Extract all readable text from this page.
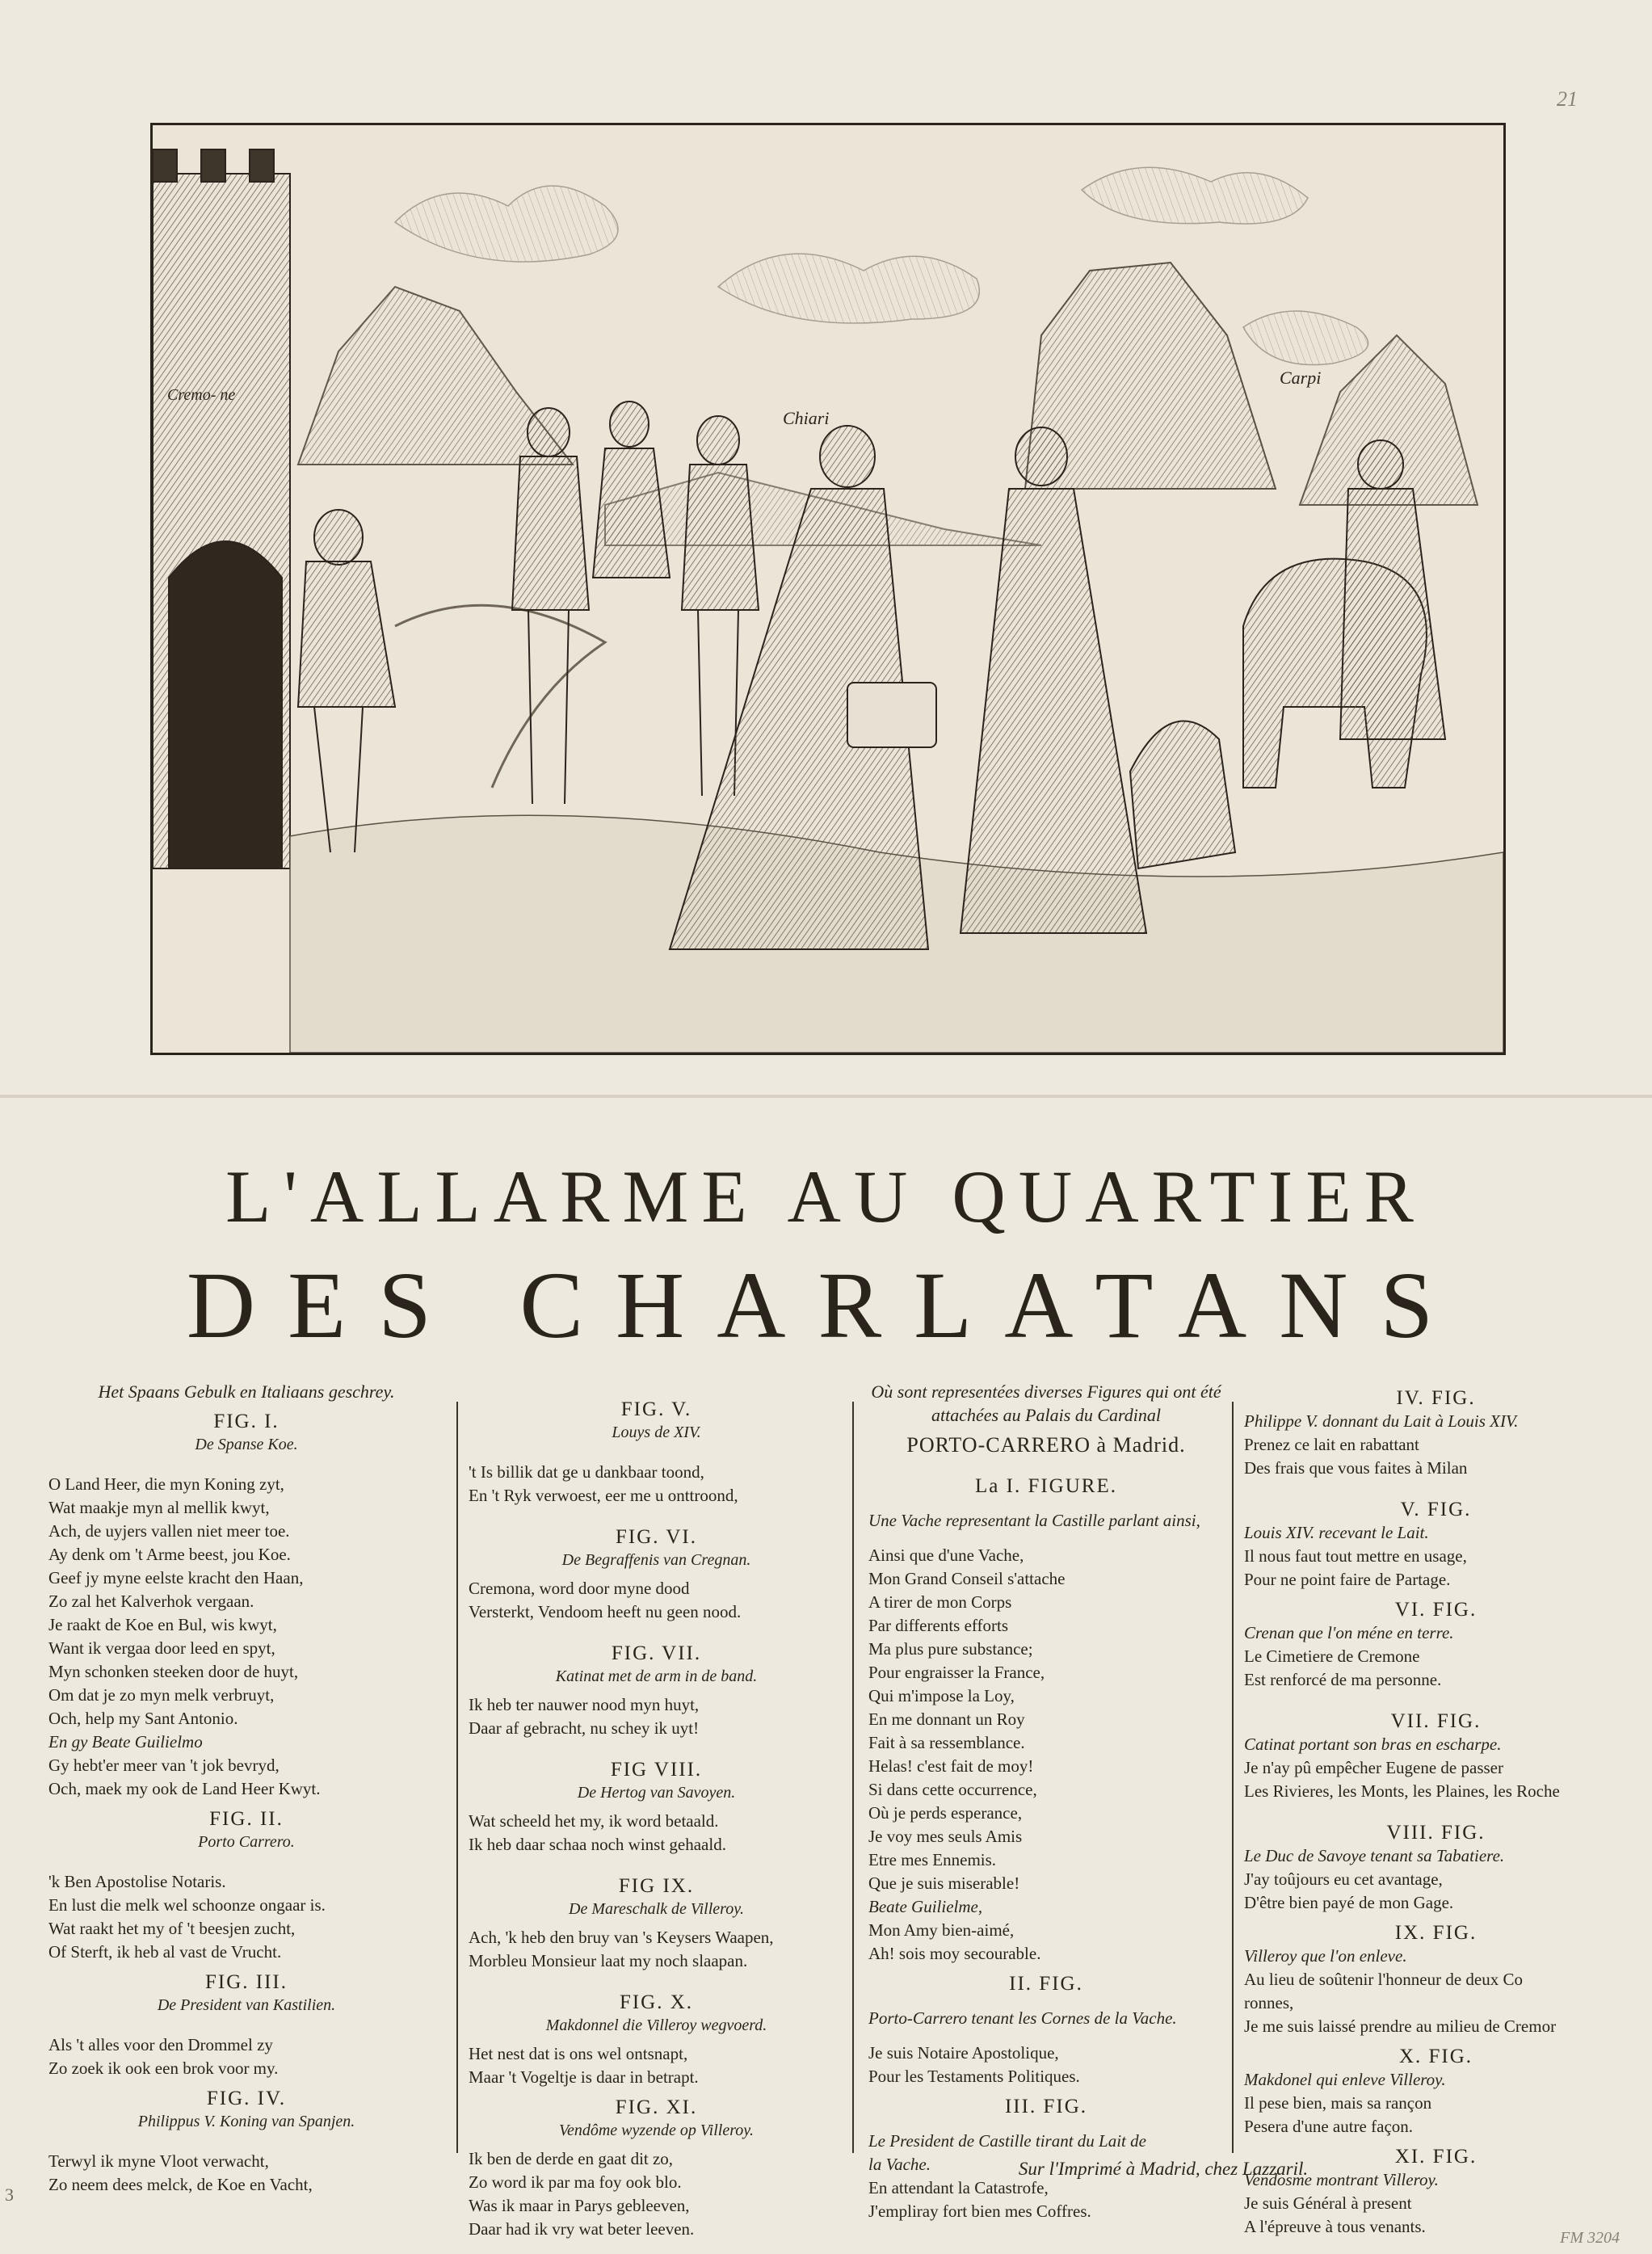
21
Cremo- ne
Chiari
Carpi
L'ALLARME AU QUARTIER
DES CHARLATANS
Het Spaans Gebulk en Italiaans geschrey.
FIG. I.
De Spanse Koe.
O Land Heer, die myn Koning zyt,
Wat maakje myn al mellik kwyt,
Ach, de uyjers vallen niet meer toe.
Ay denk om 't Arme beest, jou Koe.
Geef jy myne eelste kracht den Haan,
Zo zal het Kalverhok vergaan.
Je raakt de Koe en Bul, wis kwyt,
Want ik vergaa door leed en spyt,
Myn schonken steeken door de huyt,
Om dat je zo myn melk verbruyt,
Och, help my Sant Antonio.
En gy Beate Guilielmo
Gy hebt'er meer van 't jok bevryd,
Och, maek my ook de Land Heer Kwyt.
FIG. II.
Porto Carrero.
'k Ben Apostolise Notaris.
En lust die melk wel schoonze ongaar is.
Wat raakt het my of 't beesjen zucht,
Of Sterft, ik heb al vast de Vrucht.
FIG. III.
De President van Kastilien.
Als 't alles voor den Drommel zy
Zo zoek ik ook een brok voor my.
FIG. IV.
Philippus V. Koning van Spanjen.
Terwyl ik myne Vloot verwacht,
Zo neem dees melck, de Koe en Vacht,
FIG. V.
Louys de XIV.
't Is billik dat ge u dankbaar toond,
En 't Ryk verwoest, eer me u onttroond,
FIG. VI.
De Begraffenis van Cregnan.
Cremona, word door myne dood
Versterkt, Vendoom heeft nu geen nood.
FIG. VII.
Katinat met de arm in de band.
Ik heb ter nauwer nood myn huyt,
Daar af gebracht, nu schey ik uyt!
FIG VIII.
De Hertog van Savoyen.
Wat scheeld het my, ik word betaald.
Ik heb daar schaa noch winst gehaald.
FIG IX.
De Mareschalk de Villeroy.
Ach, 'k heb den bruy van 's Keysers Waapen,
Morbleu Monsieur laat my noch slaapan.
FIG. X.
Makdonnel die Villeroy wegvoerd.
Het nest dat is ons wel ontsnapt,
Maar 't Vogeltje is daar in betrapt.
FIG. XI.
Vendôme wyzende op Villeroy.
Ik ben de derde en gaat dit zo,
Zo word ik par ma foy ook blo.
Was ik maar in Parys gebleeven,
Daar had ik vry wat beter leeven.
Où sont representées diverses Figures qui ont été attachées au Palais du Cardinal
PORTO-CARRERO à Madrid.
La I. FIGURE.
Une Vache representant la Castille parlant ainsi,
Ainsi que d'une Vache,
Mon Grand Conseil s'attache
A tirer de mon Corps
Par differents efforts
Ma plus pure substance;
Pour engraisser la France,
Qui m'impose la Loy,
En me donnant un Roy
Fait à sa ressemblance.
Helas! c'est fait de moy!
Si dans cette occurrence,
Où je perds esperance,
Je voy mes seuls Amis
Etre mes Ennemis.
Que je suis miserable!
Beate Guilielme,
Mon Amy bien-aimé,
Ah! sois moy secourable.
II. FIG.
Porto-Carrero tenant les Cornes de la Vache.
Je suis Notaire Apostolique,
Pour les Testaments Politiques.
III. FIG.
Le President de Castille tirant du Lait de
la Vache.
En attendant la Catastrofe,
J'empliray fort bien mes Coffres.
IV. FIG.
Philippe V. donnant du Lait à Louis XIV.
Prenez ce lait en rabattant
Des frais que vous faites à Milan
V. FIG.
Louis XIV. recevant le Lait.
Il nous faut tout mettre en usage,
Pour ne point faire de Partage.
VI. FIG.
Crenan que l'on méne en terre.
Le Cimetiere de Cremone
Est renforcé de ma personne.
VII. FIG.
Catinat portant son bras en escharpe.
Je n'ay pû empêcher Eugene de passer
Les Rivieres, les Monts, les Plaines, les Roche
VIII. FIG.
Le Duc de Savoye tenant sa Tabatiere.
J'ay toûjours eu cet avantage,
D'être bien payé de mon Gage.
IX. FIG.
Villeroy que l'on enleve.
Au lieu de soûtenir l'honneur de deux Co
ronnes,
Je me suis laissé prendre au milieu de Cremor
X. FIG.
Makdonel qui enleve Villeroy.
Il pese bien, mais sa rançon
Pesera d'une autre façon.
XI. FIG.
Vendosme montrant Villeroy.
Je suis Général à present
A l'épreuve à tous venants.
Sur l'Imprimé à Madrid, chez Lazzaril.
3
FM 3204
